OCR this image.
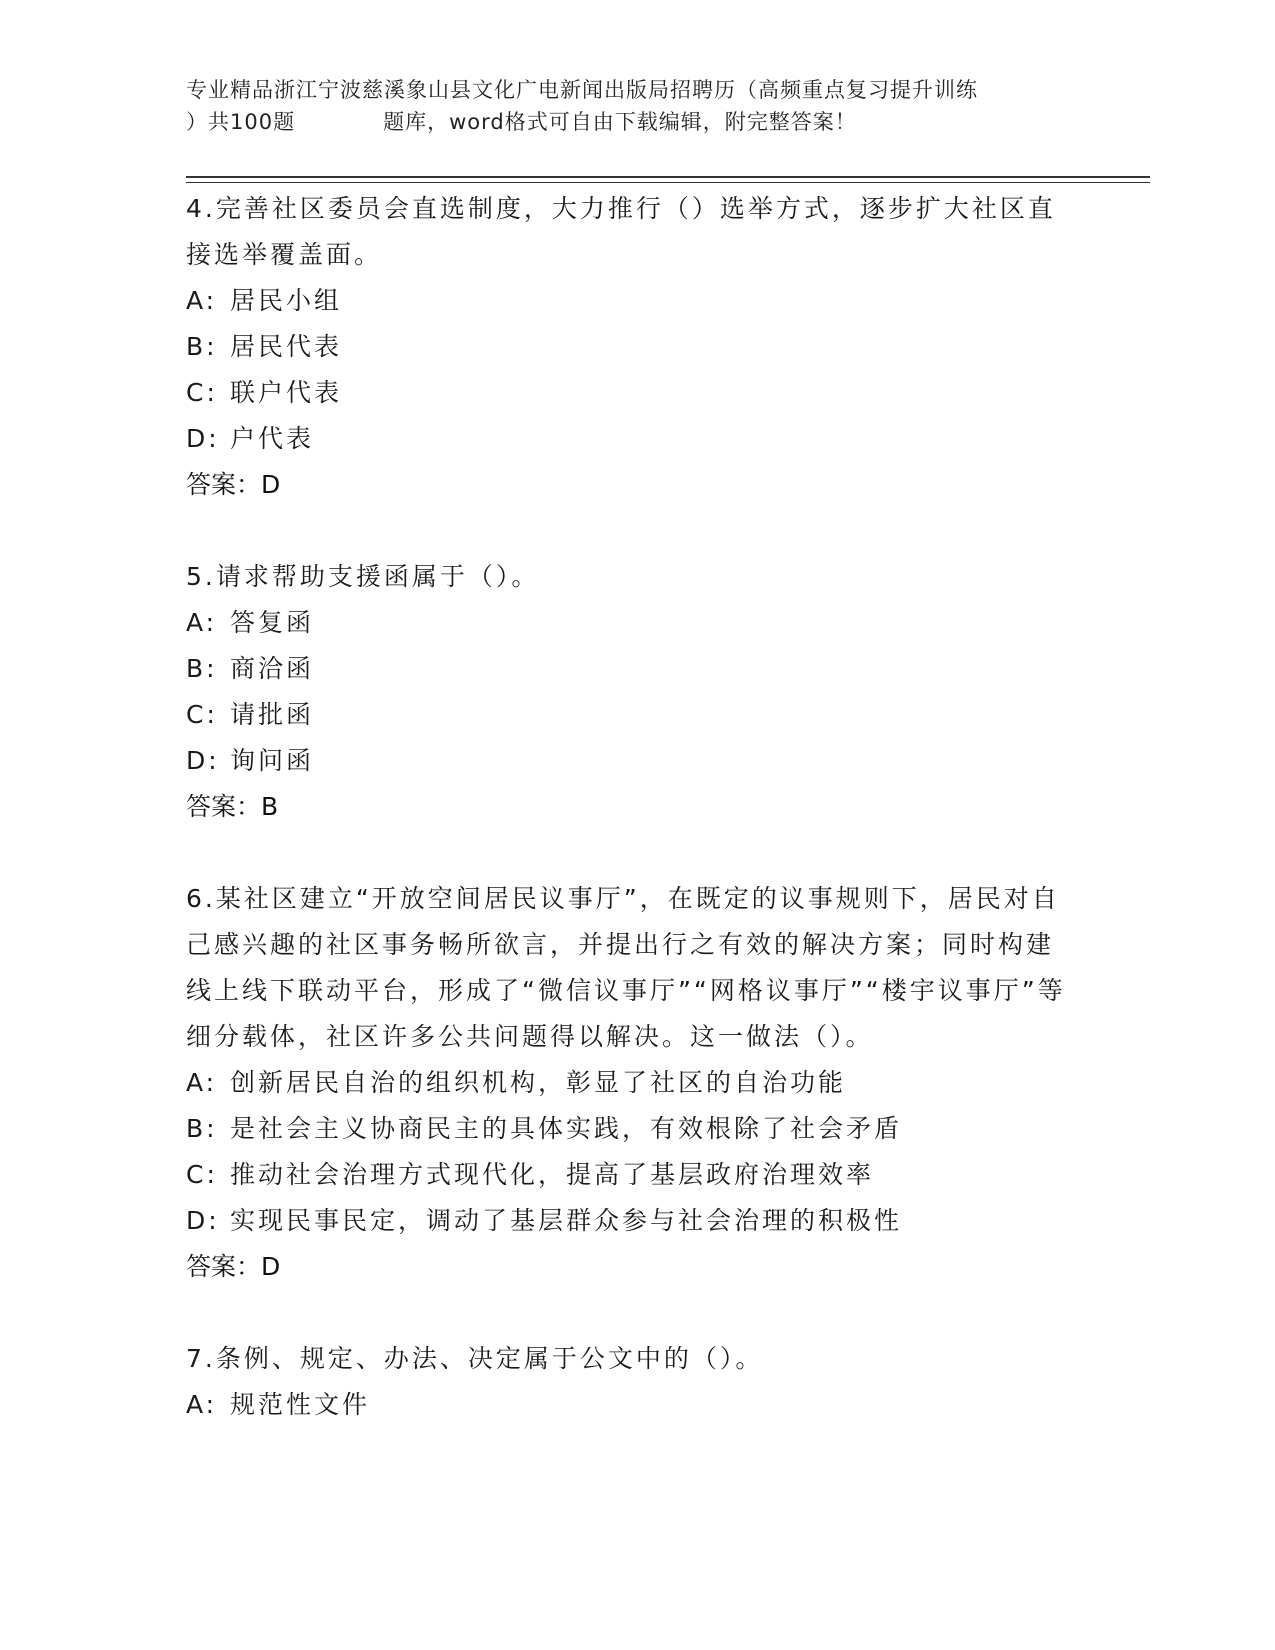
专业精品浙江宁波慈溪象山县文化广电新闻出版局招聘历（高频重点复习提升训练
）共100题　　　　题库，word格式可自由下载编辑，附完整答案！
4.完善社区委员会直选制度，大力推行（）选举方式，逐步扩大社区直接选举覆盖面。
A: 居民小组
B: 居民代表
C: 联户代表
D: 户代表
答案：D
5.请求帮助支援函属于（）。
A: 答复函
B: 商洽函
C: 请批函
D: 询问函
答案：B
6.某社区建立“开放空间居民议事厅”，在既定的议事规则下，居民对自己感兴趣的社区事务畅所欲言，并提出行之有效的解决方案；同时构建线上线下联动平台，形成了“微信议事厅”“网格议事厅”“楼宇议事厅”等细分载体，社区许多公共问题得以解决。这一做法（）。
A: 创新居民自治的组织机构，彰显了社区的自治功能
B: 是社会主义协商民主的具体实践，有效根除了社会矛盾
C: 推动社会治理方式现代化，提高了基层政府治理效率
D: 实现民事民定，调动了基层群众参与社会治理的积极性
答案：D
7.条例、规定、办法、决定属于公文中的（）。
A: 规范性文件
